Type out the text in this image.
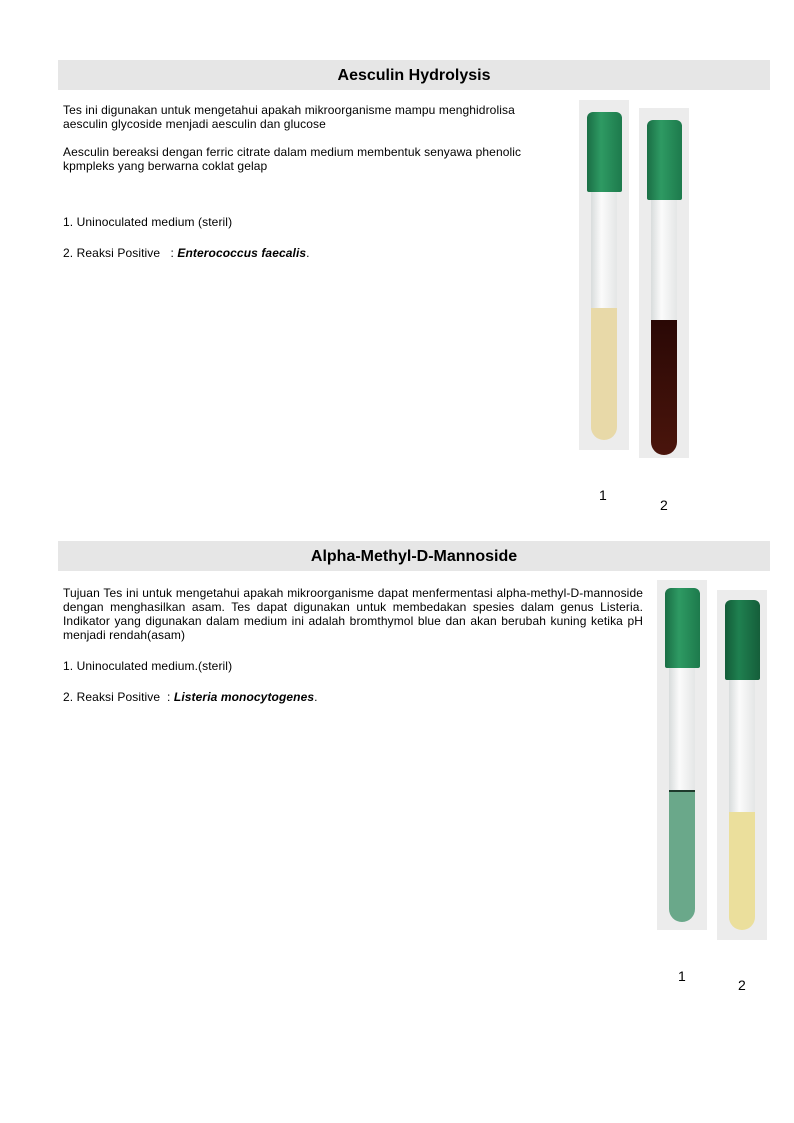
Aesculin Hydrolysis

Tes ini digunakan untuk mengetahui apakah mikroorganisme mampu menghidrolisa aesculin glycoside menjadi aesculin dan glucose

Aesculin bereaksi dengan ferric citrate dalam medium membentuk senyawa phenolic kpmpleks yang berwarna coklat gelap

1. Uninoculated medium (steril)

2. Reaksi Positive   : Enterococcus faecalis.

1
2
Alpha-Methyl-D-Mannoside

Tujuan Tes ini untuk mengetahui apakah mikroorganisme dapat menfermentasi alpha-methyl-D-mannoside dengan menghasilkan asam. Tes dapat digunakan untuk membedakan spesies dalam genus Listeria. Indikator yang digunakan dalam medium ini adalah bromthymol blue dan akan berubah kuning ketika pH menjadi rendah(asam)

1. Uninoculated medium.(steril)

2. Reaksi Positive  : Listeria monocytogenes.

1
2
